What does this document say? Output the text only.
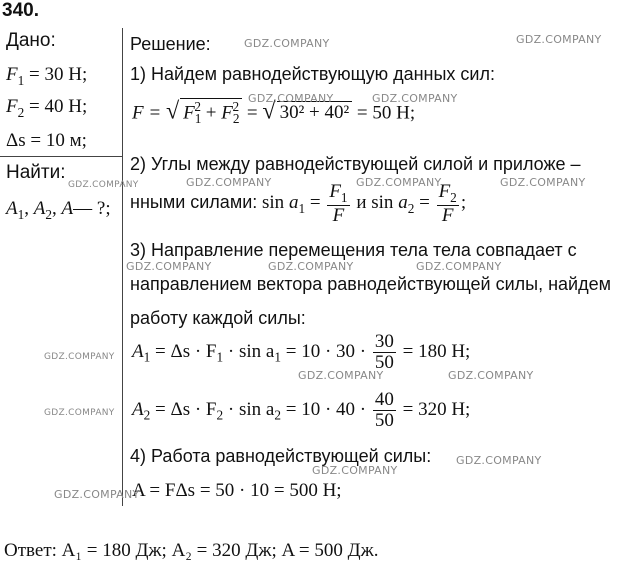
340.
Дано:
$F_1 = 30$ Н;
$F_2 = 40$ Н;
Δs = 10 м;
Найти:
$A_1$, $A_2$, A— ?;
Решение:
1) Найдем равнодействующую данных сил:
F = √ $F_1^2 + F_2^2$ = √ 30² + 40² = 50 Н;
2) Углы между равнодействующей силой и приложе –
нными силами: $\sin a_1 = \frac{F_1}{F}$ и $\sin a_2 = \frac{F_2}{F}$ ;
3) Направление перемещения тела тела совпадает с
направлением вектора равнодействующей силы, найдем
работу каждой силы:
$A_1 = \Delta s \cdot F_1 \cdot \sin a_1 = 10 \cdot 30 \cdot \frac{30}{50} = 180$ Н;
$A_2 = \Delta s \cdot F_2 \cdot \sin a_2 = 10 \cdot 40 \cdot \frac{40}{50} = 320$ Н;
4) Работа равнодействующей силы:
A = FΔs = 50 · 10 = 500 Н;
Ответ: A₁ = 180 Дж; A₂ = 320 Дж; A = 500 Дж.
GDZ.COMPANY	GDZ.COMPANY
GDZ.COMPANY	GDZ.COMPANY
GDZ.COMPANY	GDZ.COMPANY	GDZ.COMPANY	GDZ.COMPANY
GDZ.COMPANY	GDZ.COMPANY	GDZ.COMPANY
GDZ.COMPANY
GDZ.COMPANY	GDZ.COMPANY
GDZ.COMPANY
GDZ.COMPANY
GDZ.COMPANY
GDZ.COMPANY
